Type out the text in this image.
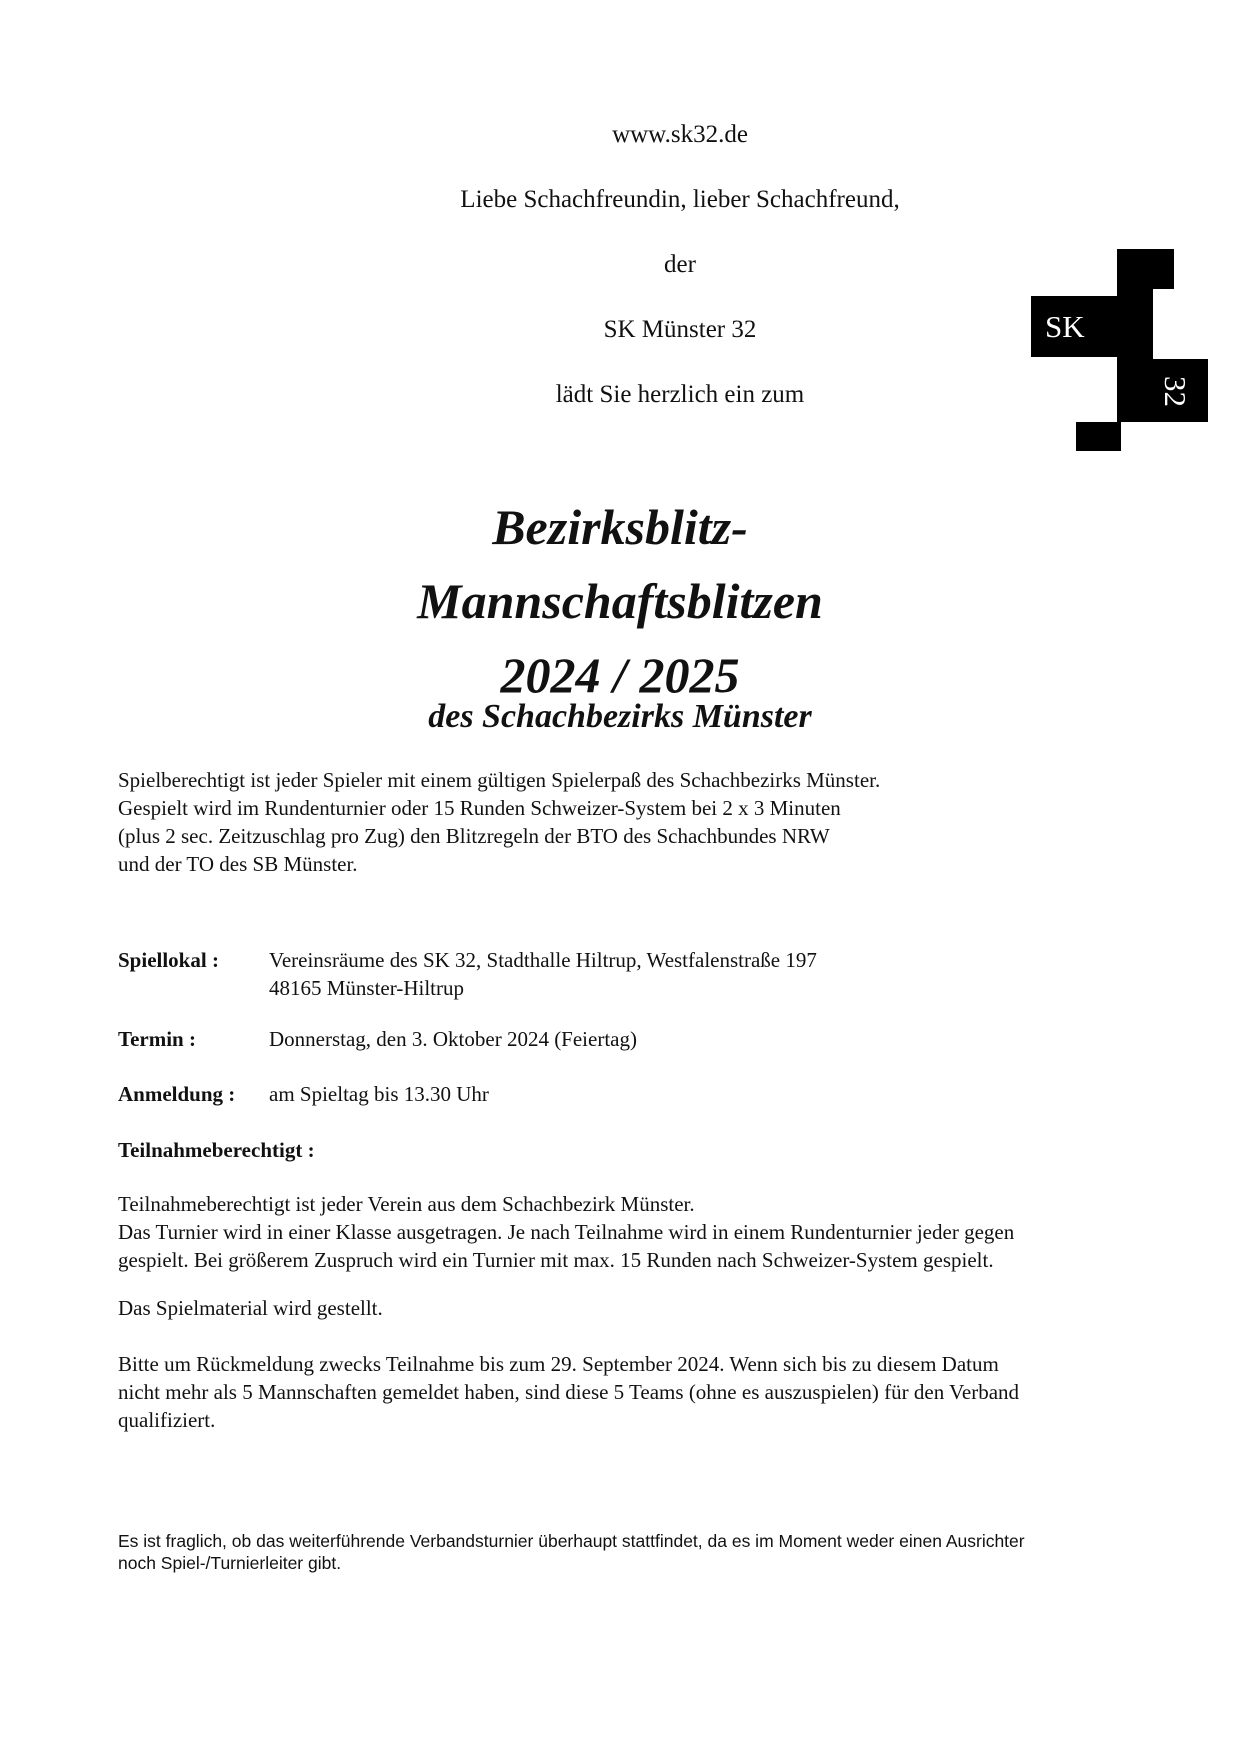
www.sk32.de
Liebe Schachfreundin, lieber Schachfreund,
der
SK Münster 32
lädt Sie herzlich ein zum
SK
32
Bezirksblitz-
Mannschaftsblitzen
2024 / 2025
des Schachbezirks Münster
Spielberechtigt ist jeder Spieler mit einem gültigen Spielerpaß des Schachbezirks Münster.
Gespielt wird im Rundenturnier oder 15 Runden Schweizer-System bei 2 x 3 Minuten
(plus 2 sec. Zeitzuschlag pro Zug) den Blitzregeln der BTO des Schachbundes NRW
und der TO des SB Münster.
Spiellokal : Vereinsräume des SK 32, Stadthalle Hiltrup, Westfalenstraße 197
48165 Münster-Hiltrup
Termin :	Donnerstag, den 3. Oktober 2024 (Feiertag)
Anmeldung : am Spieltag bis 13.30 Uhr
Teilnahmeberechtigt :
Teilnahmeberechtigt ist jeder Verein aus dem Schachbezirk Münster.
Das Turnier wird in einer Klasse ausgetragen. Je nach Teilnahme wird in einem Rundenturnier jeder gegen
gespielt. Bei größerem Zuspruch wird ein Turnier mit max. 15 Runden nach Schweizer-System gespielt.
Das Spielmaterial wird gestellt.
Bitte um Rückmeldung zwecks Teilnahme bis zum 29. September 2024. Wenn sich bis zu diesem Datum
nicht mehr als 5 Mannschaften gemeldet haben, sind diese 5 Teams (ohne es auszuspielen) für den Verband
qualifiziert.
Es ist fraglich, ob das weiterführende Verbandsturnier überhaupt stattfindet, da es im Moment weder einen Ausrichter
noch Spiel-/Turnierleiter gibt.
